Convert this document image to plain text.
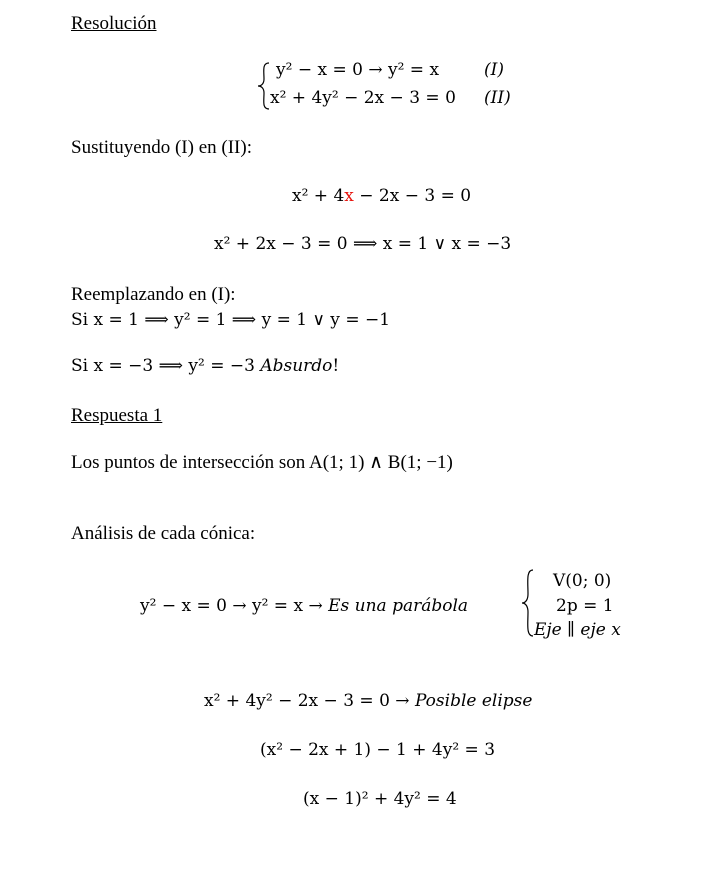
Resolución
y² − x = 0 → y² = x	(I)
x² + 4y² − 2x − 3 = 0 (II)
Sustituyendo (I) en (II):
x² + 4x − 2x − 3 = 0
x² + 2x − 3 = 0 ⟹ x = 1 ∨ x = −3
Reemplazando en (I):
Si x = 1 ⟹ y² = 1 ⟹ y = 1 ∨ y = −1
Si x = −3 ⟹ y² = −3 Absurdo!
Respuesta 1
Los puntos de intersección son A(1; 1) ∧ B(1; −1)
Análisis de cada cónica:
y² − x = 0 → y² = x → Es una parábola
V(0; 0)
2p = 1
Eje ∥ eje x
x² + 4y² − 2x − 3 = 0 → Posible elipse
(x² − 2x + 1) − 1 + 4y² = 3
(x − 1)² + 4y² = 4
